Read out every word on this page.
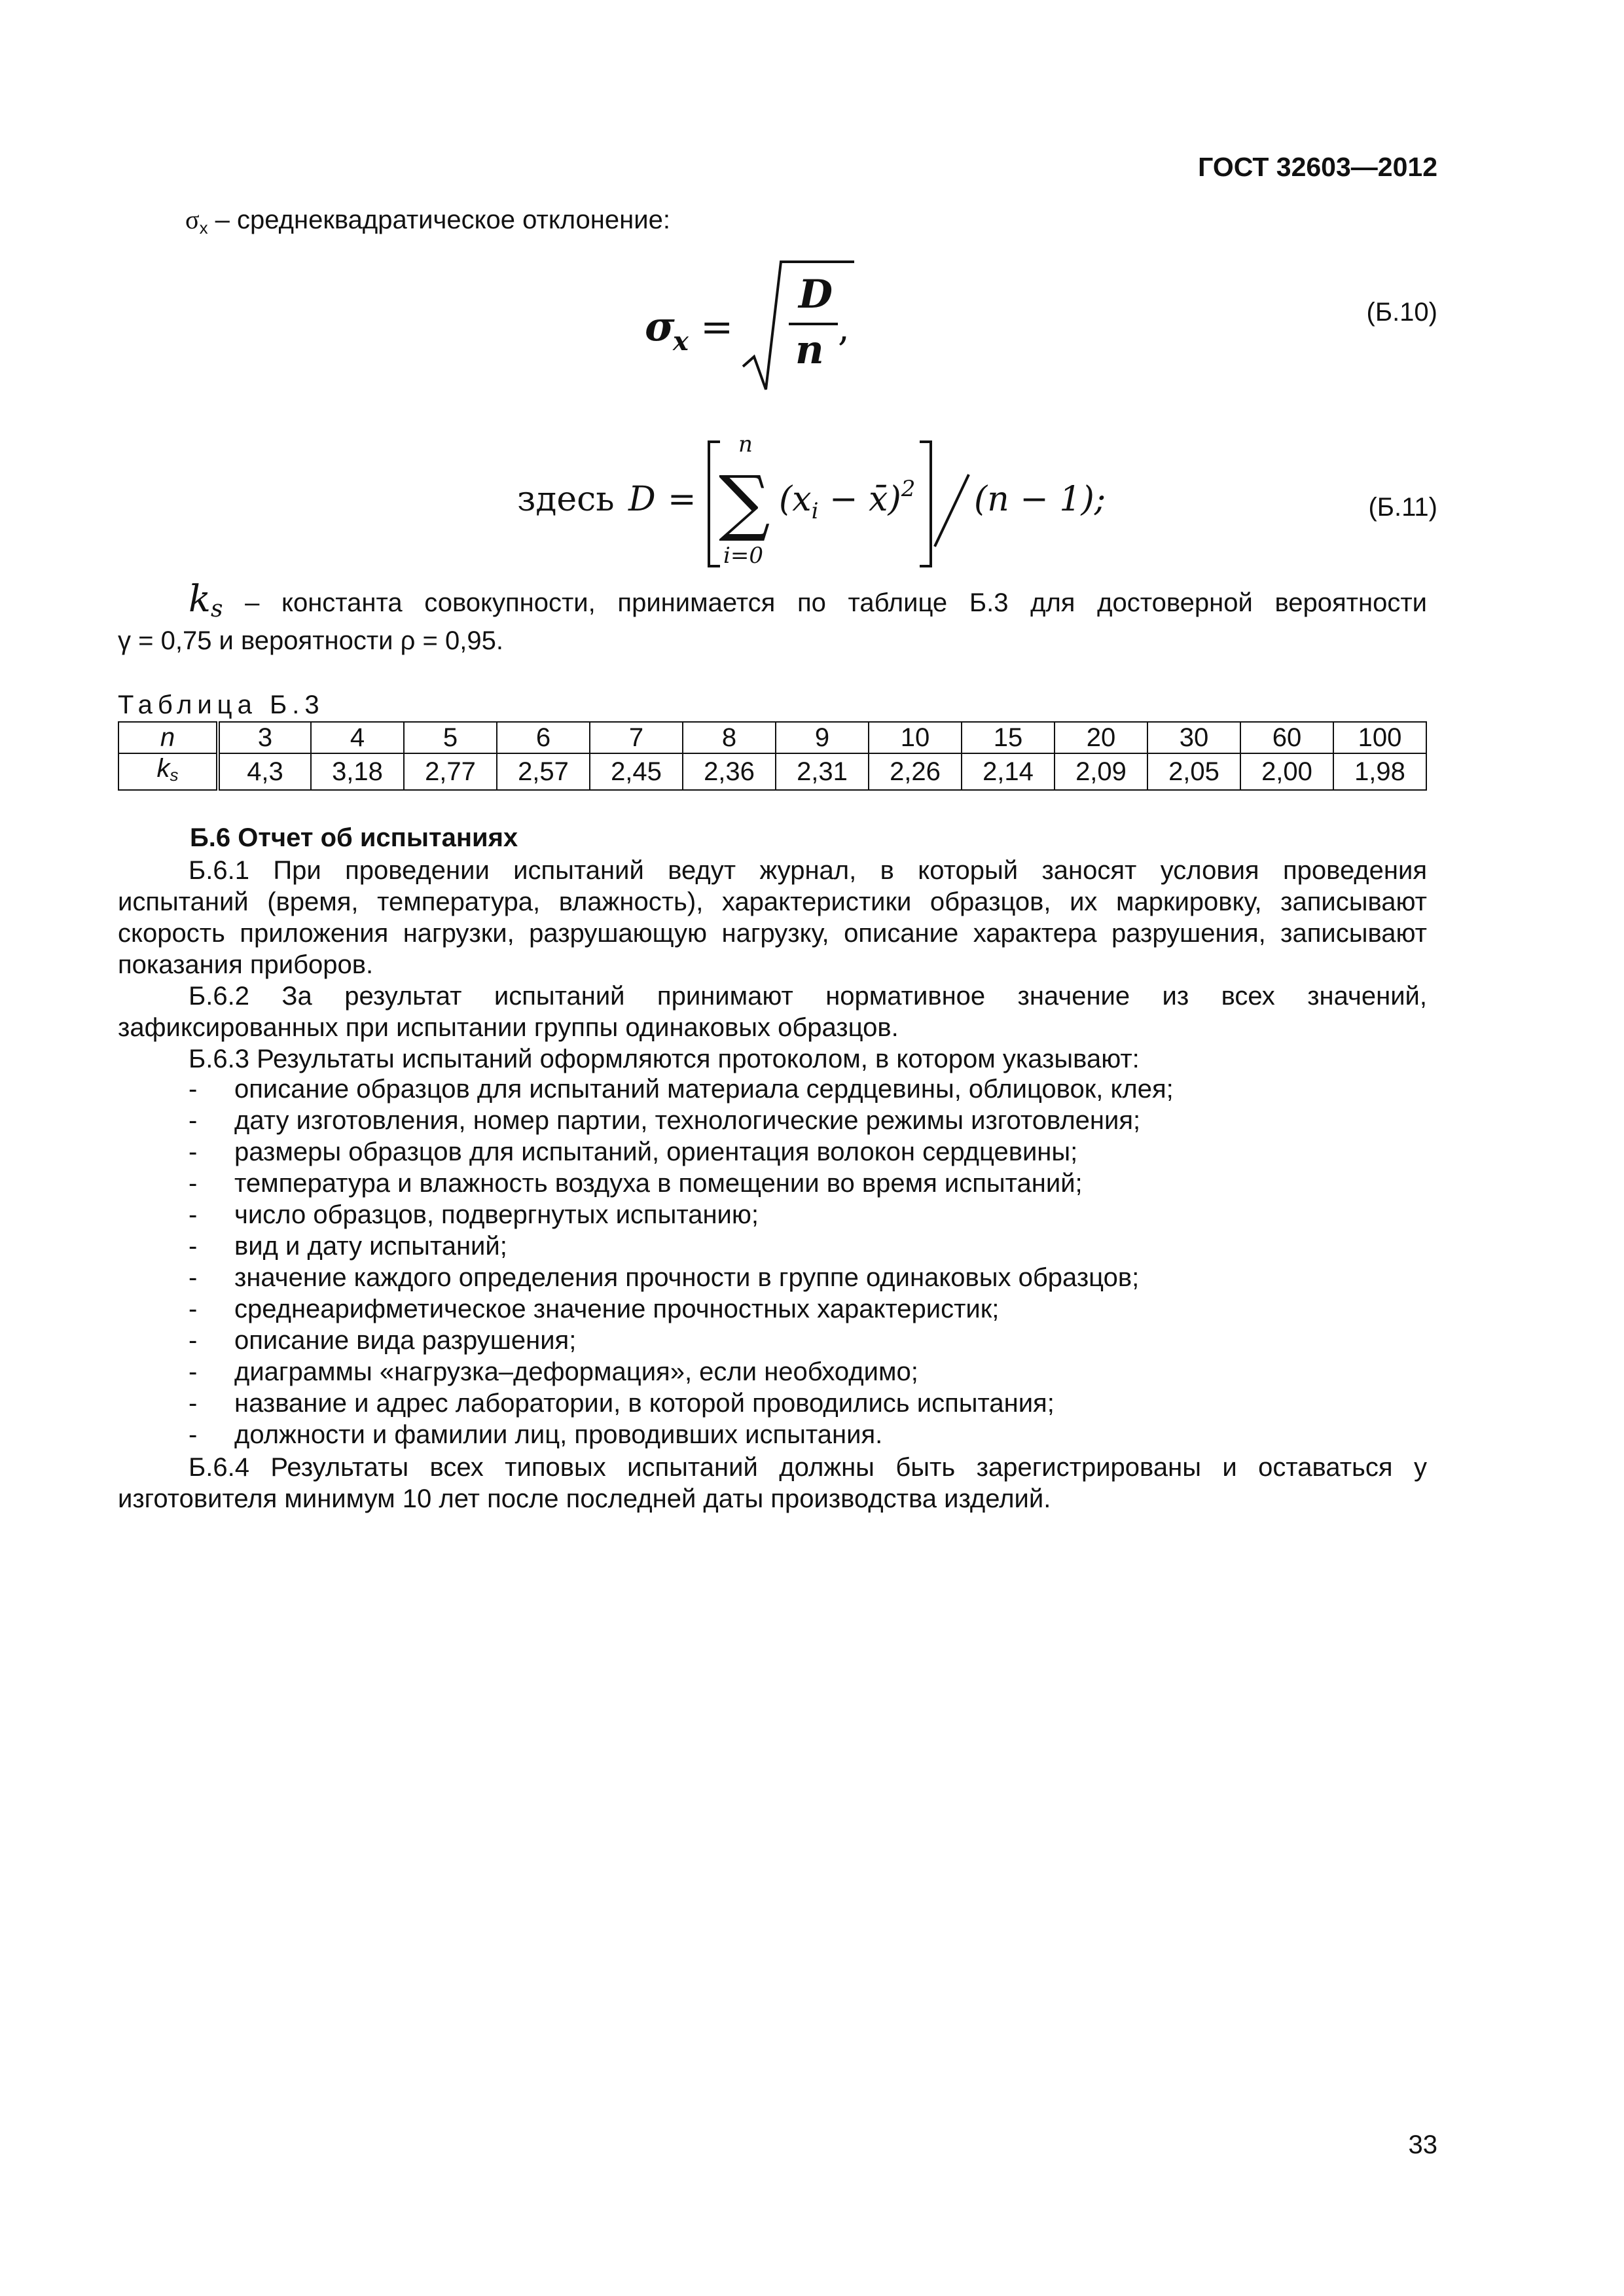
ГОСТ 32603—2012
$\sigma_x$ – среднеквадратическое отклонение:
σ
x =
D
n ,	(Б.10)
здесь D =
n
∑
i=0
($x_i$ − x̄)$^2$ (n − 1);	(Б.11)
ks – константа совокупности, принимается по таблице Б.3 для достоверной вероятности
γ = 0,75 и вероятности ρ = 0,95.
Таблица Б.3
n	3	4	5	6	7	8	9	10	15	20	30	60	100
ks	4,3	3,18	2,77	2,57	2,45	2,36	2,31	2,26	2,14	2,09	2,05	2,00	1,98
Б.6 Отчет об испытаниях
Б.6.1 При проведении испытаний ведут журнал, в который заносят условия проведения
испытаний (время, температура, влажность), характеристики образцов, их маркировку, записывают
скорость приложения нагрузки, разрушающую нагрузку, описание характера разрушения, записывают
показания приборов.
Б.6.2 За результат испытаний принимают нормативное значение из всех значений,
зафиксированных при испытании группы одинаковых образцов.
Б.6.3 Результаты испытаний оформляются протоколом, в котором указывают:
- описание образцов для испытаний материала сердцевины, облицовок, клея;
- дату изготовления, номер партии, технологические режимы изготовления;
- размеры образцов для испытаний, ориентация волокон сердцевины;
- температура и влажность воздуха в помещении во время испытаний;
- число образцов, подвергнутых испытанию;
- вид и дату испытаний;
- значение каждого определения прочности в группе одинаковых образцов;
- среднеарифметическое значение прочностных характеристик;
- описание вида разрушения;
- диаграммы «нагрузка–деформация», если необходимо;
- название и адрес лаборатории, в которой проводились испытания;
- должности и фамилии лиц, проводивших испытания.
Б.6.4 Результаты всех типовых испытаний должны быть зарегистрированы и оставаться у
изготовителя минимум 10 лет после последней даты производства изделий.
33
